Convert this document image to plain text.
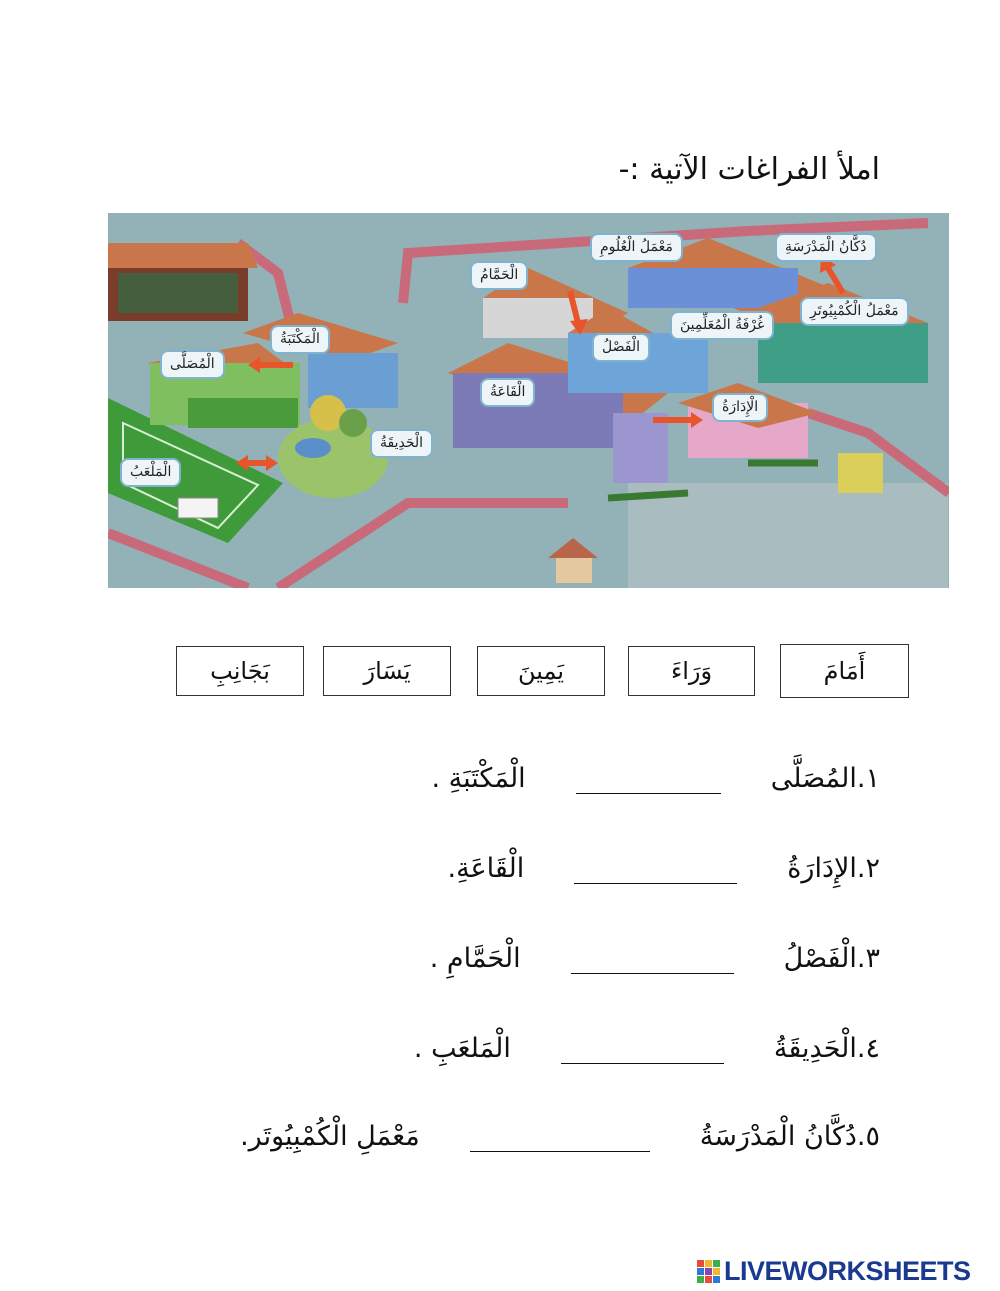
املأ الفراغات الآتية :-
الْمَكْتَبَةُ
الْمُصَلَّى
الْمَلْعَبُ
الْحَدِيقَةُ
الْقَاعَةُ
الْحَمَّامُ
مَعْمَلُ الْعُلُومِ
الْفَصْلُ
غُرْفَةُ الْمُعَلِّمِينَ
الْإِدَارَةُ
دُكَّانُ الْمَدْرَسَةِ
مَعْمَلُ الْكُمْبِيُوتَرِ
أَمَامَ
وَرَاءَ
يَمِينَ
يَسَارَ
بَجَانِبِ
١.
المُصَلَّى
الْمَكْتَبَةِ .
٢.
الإِدَارَةُ
الْقَاعَةِ.
٣.
الْفَصْلُ
الْحَمَّامِ .
٤.
الْحَدِيقَةُ
الْمَلعَبِ .
٥.
دُكَّانُ الْمَدْرَسَةُ
مَعْمَلِ الْكُمْبِيُوتَر.
LIVEWORKSHEETS
